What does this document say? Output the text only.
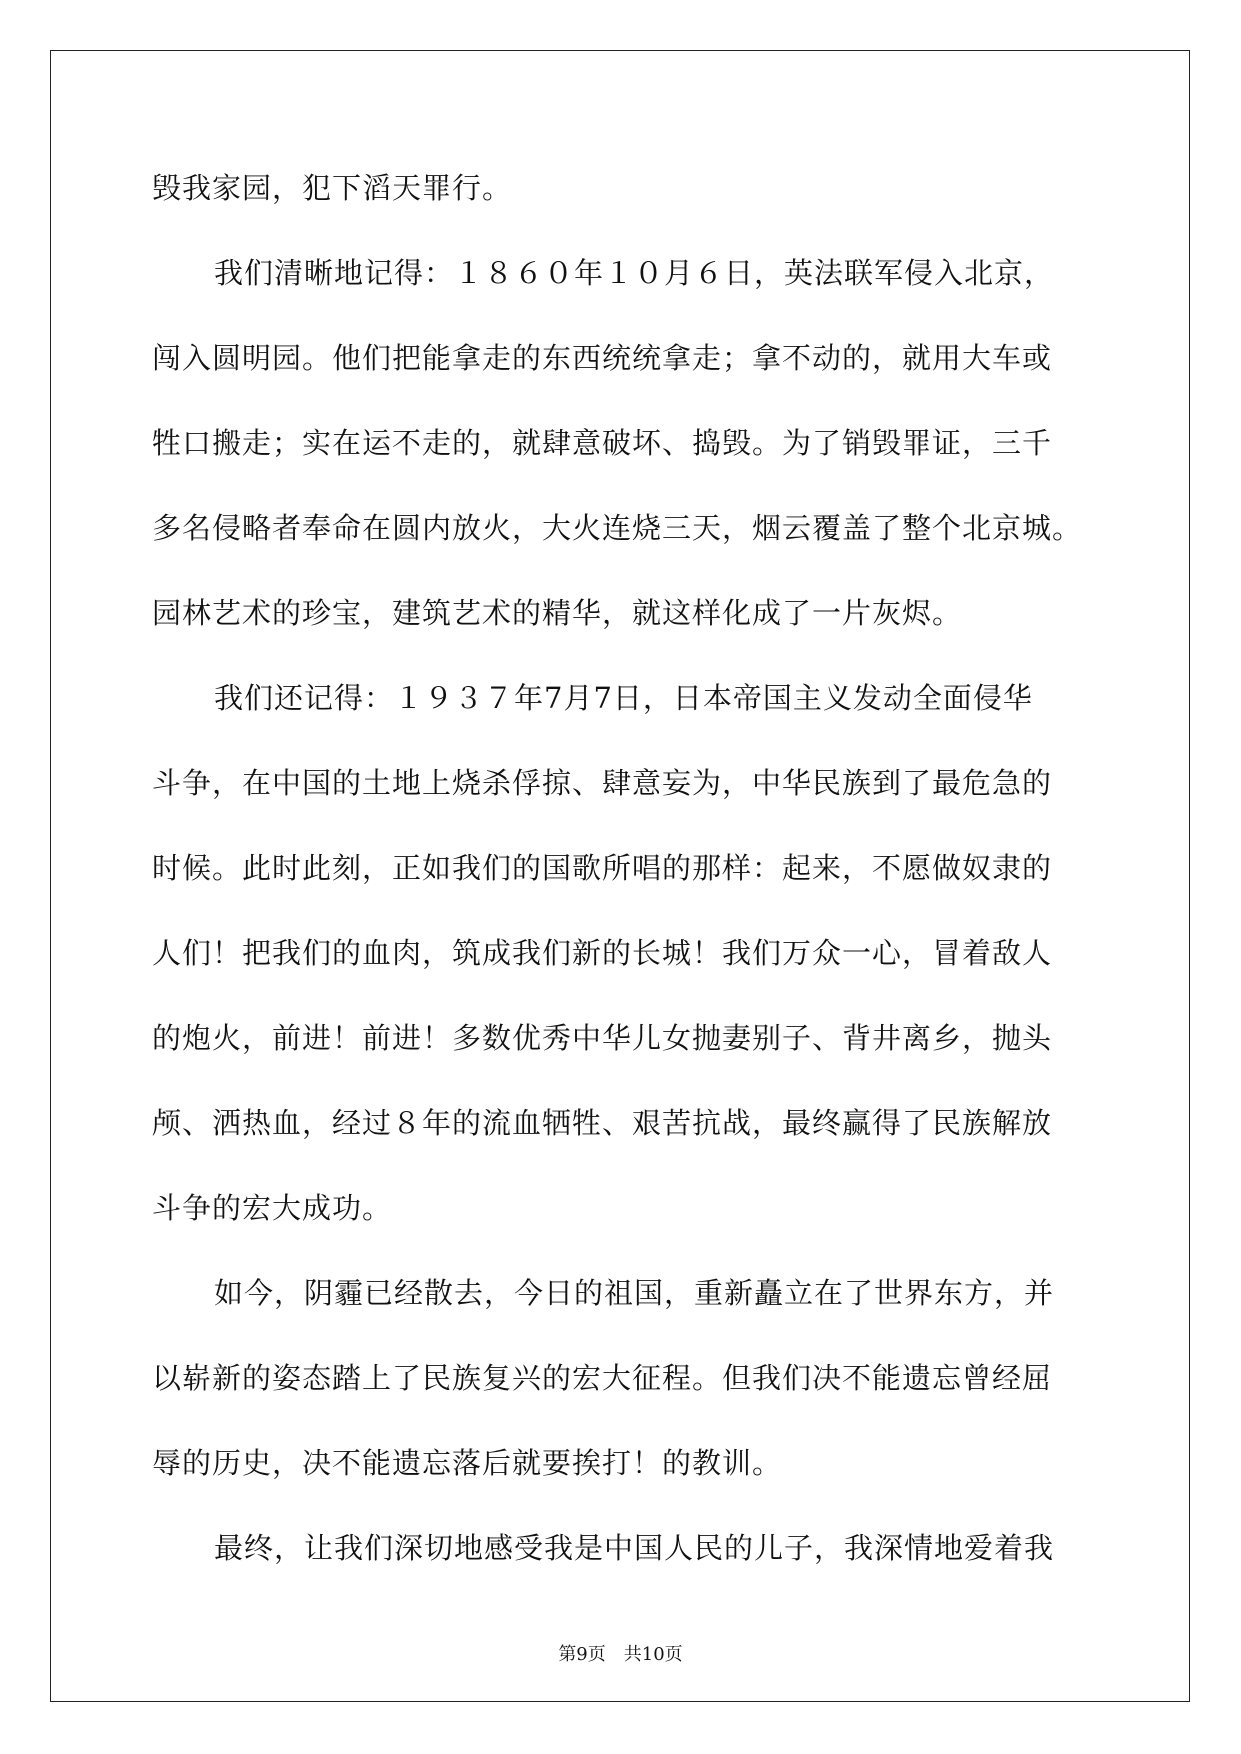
毁我家园，犯下滔天罪行。
我们清晰地记得：１８６０年１０月６日，英法联军侵入北京，
闯入圆明园。他们把能拿走的东西统统拿走；拿不动的，就用大车或
牲口搬走；实在运不走的，就肆意破坏、捣毁。为了销毁罪证，三千
多名侵略者奉命在圆内放火，大火连烧三天，烟云覆盖了整个北京城。
园林艺术的珍宝，建筑艺术的精华，就这样化成了一片灰烬。
我们还记得：１９３７年7月7日，日本帝国主义发动全面侵华
斗争，在中国的土地上烧杀俘掠、肆意妄为，中华民族到了最危急的
时候。此时此刻，正如我们的国歌所唱的那样：起来，不愿做奴隶的
人们！把我们的血肉，筑成我们新的长城！我们万众一心，冒着敌人
的炮火，前进！前进！多数优秀中华儿女抛妻别子、背井离乡，抛头
颅、洒热血，经过８年的流血牺牲、艰苦抗战，最终赢得了民族解放
斗争的宏大成功。
如今，阴霾已经散去，今日的祖国，重新矗立在了世界东方，并
以崭新的姿态踏上了民族复兴的宏大征程。但我们决不能遗忘曾经屈
辱的历史，决不能遗忘落后就要挨打！的教训。
最终，让我们深切地感受我是中国人民的儿子，我深情地爱着我
第9页　共10页
